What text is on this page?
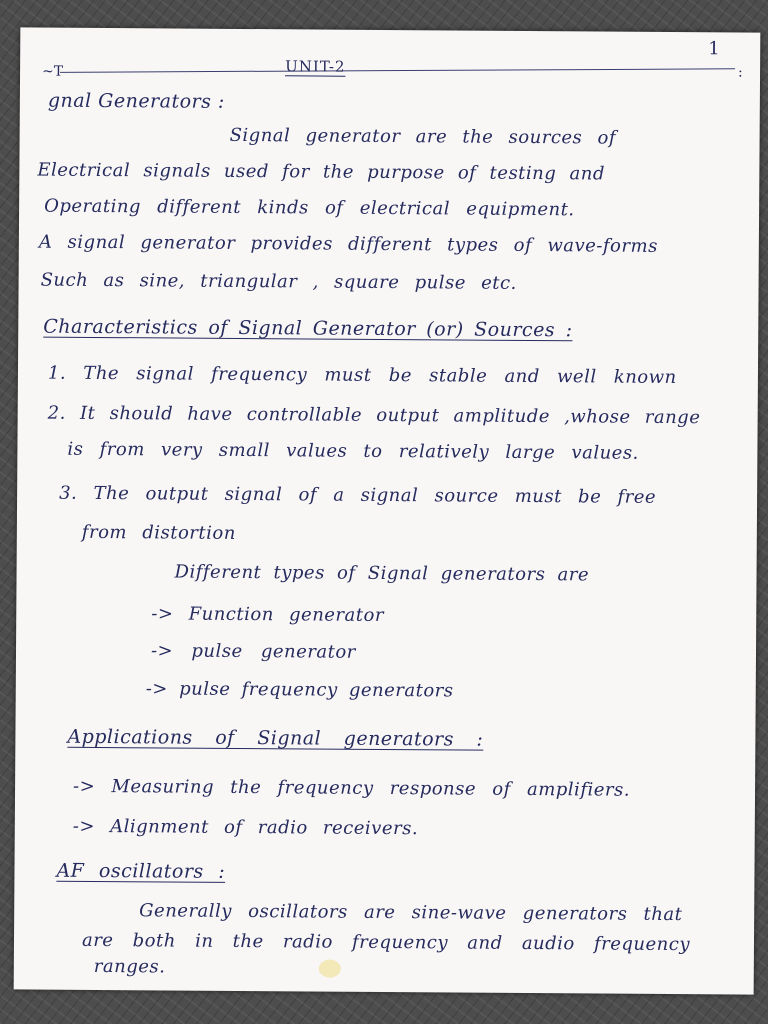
1
:
~T	UNIT-2
gnal Generators :
Signal generator are the sources of
Electrical signals used for the purpose of testing and
Operating different kinds of electrical equipment.
A signal generator provides different types of wave-forms
Such as sine, triangular , square pulse etc.
Characteristics of Signal Generator (or) Sources :
1. The signal frequency must be stable and well known
2. It should have controllable output amplitude ,whose range
is from very small values to relatively large values.
3. The output signal of a signal source must be free
from distortion
Different types of Signal generators are
-> Function generator
-> pulse generator
-> pulse frequency generators
Applications of Signal generators :
-> Measuring the frequency response of amplifiers.
-> Alignment of radio receivers.
AF oscillators :
Generally oscillators are sine-wave generators that
are both in the radio frequency and audio frequency
ranges.
